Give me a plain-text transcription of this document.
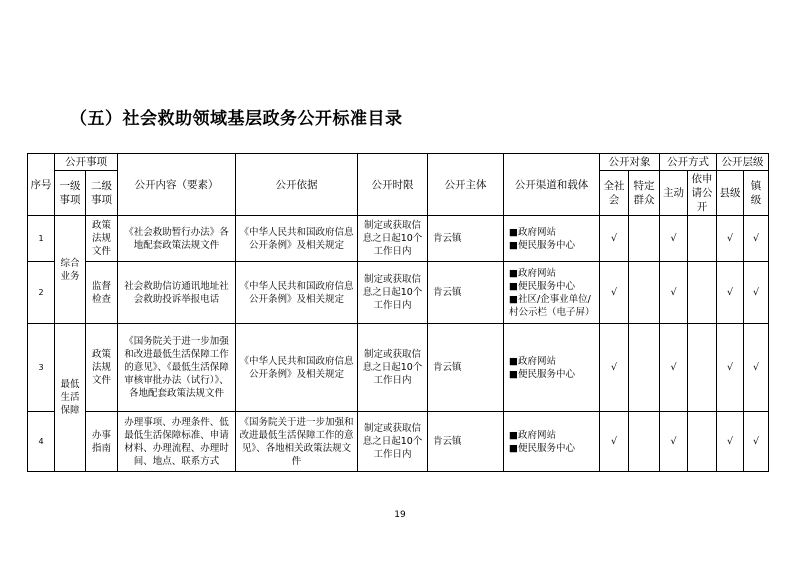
（五）社会救助领域基层政务公开标准目录
序号	公开事项		公开内容（要素）	公开依据	公开时限	公开主体	公开渠道和载体	公开对象		公开方式		公开层级	
	一级事项	二级事项						全社会	特定群众	主动	依申请公开	县级	镇级
1	综合业务	政策法规文件	《社会救助暂行办法》各地配套政策法规文件	《中华人民共和国政府信息公开条例》及相关规定	制定或获取信息之日起10个工作日内	肯云镇	■政府网站
■便民服务中心	√		√		√	√
2		监督检查	社会救助信访通讯地址社会救助投诉举报电话	《中华人民共和国政府信息公开条例》及相关规定	制定或获取信息之日起10个工作日内	肯云镇	■政府网站
■便民服务中心
■社区/企事业单位/村公示栏（电子屏）	√		√		√	√
3	最低生活保障	政策法规文件	《国务院关于进一步加强和改进最低生活保障工作的意见》、《最低生活保障审核审批办法（试行）》、各地配套政策法规文件	《中华人民共和国政府信息公开条例》及相关规定	制定或获取信息之日起10个工作日内	肯云镇	■政府网站
■便民服务中心	√		√		√	√
4		办事指南	办理事项、办理条件、低最低生活保障标准、申请材料、办理流程、办理时间、地点、联系方式	《国务院关于进一步加强和改进最低生活保障工作的意见》、各地相关政策法规文件	制定或获取信息之日起10个工作日内	肯云镇	■政府网站
■便民服务中心	√		√		√	√
19
